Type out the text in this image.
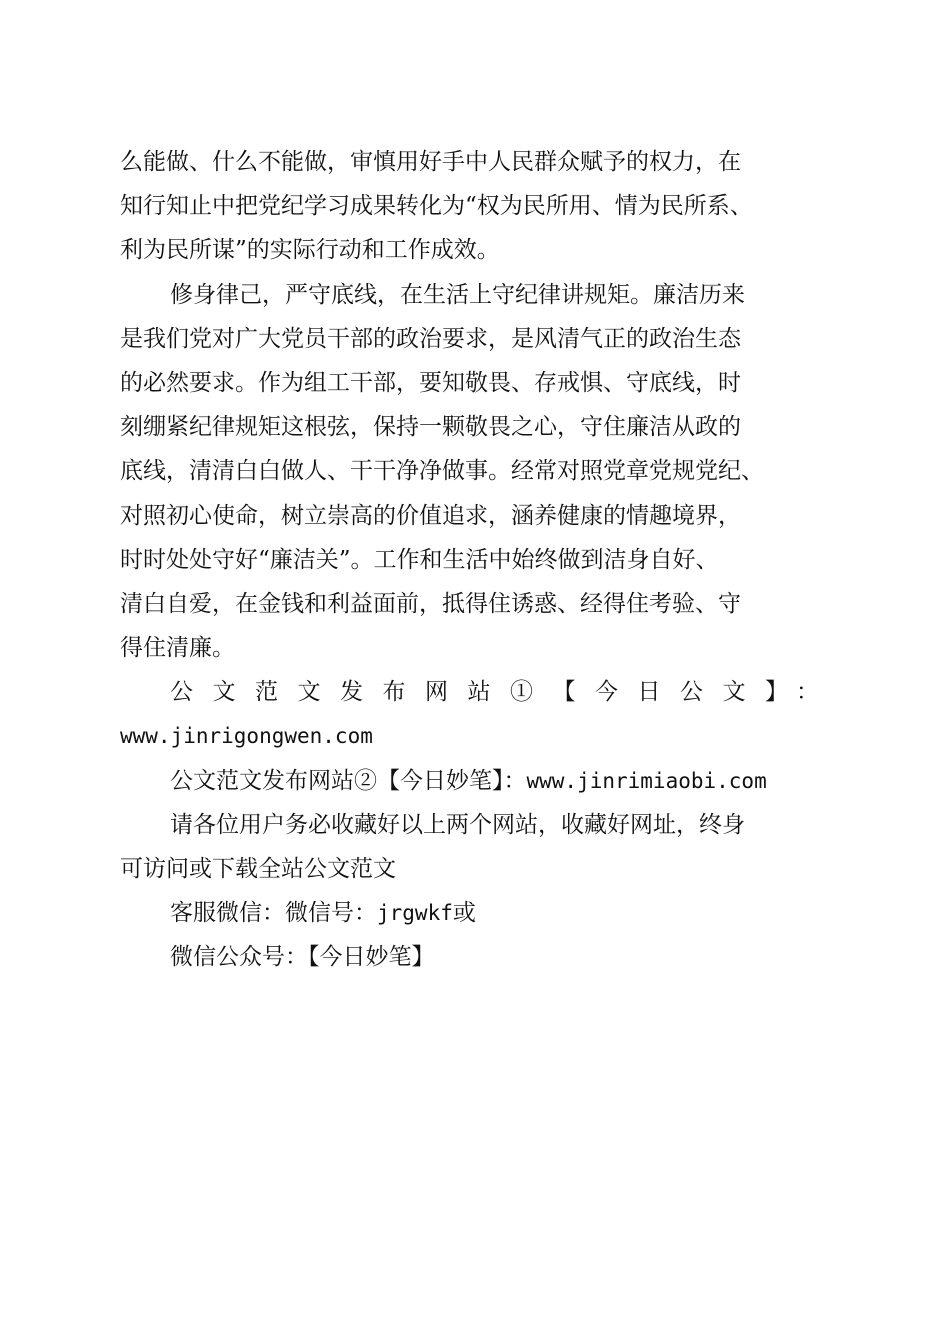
么能做、什么不能做，审慎用好手中人民群众赋予的权力，在
知行知止中把党纪学习成果转化为“权为民所用、情为民所系、
利为民所谋”的实际行动和工作成效。
修身律己，严守底线，在生活上守纪律讲规矩。廉洁历来
是我们党对广大党员干部的政治要求，是风清气正的政治生态
的必然要求。作为组工干部，要知敬畏、存戒惧、守底线，时
刻绷紧纪律规矩这根弦，保持一颗敬畏之心，守住廉洁从政的
底线，清清白白做人、干干净净做事。经常对照党章党规党纪、
对照初心使命，树立崇高的价值追求，涵养健康的情趣境界，
时时处处守好“廉洁关”。工作和生活中始终做到洁身自好、
清白自爱，在金钱和利益面前，抵得住诱惑、经得住考验、守
得住清廉。
公文范文发布网站①【今日公文】：
www.jinrigongwen.com
公文范文发布网站②【今日妙笔】：www.jinrimiaobi.com
请各位用户务必收藏好以上两个网站，收藏好网址，终身
可访问或下载全站公文范文
客服微信：微信号：jrgwkf或
微信公众号：【今日妙笔】
